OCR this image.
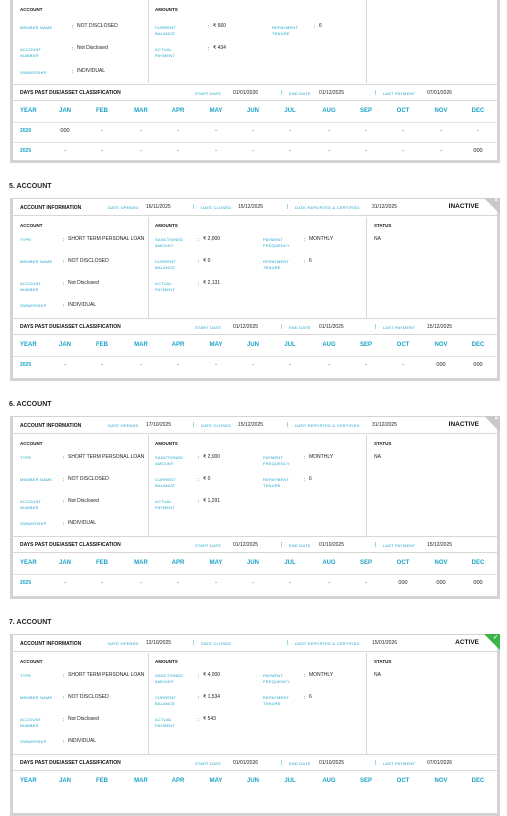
ACCOUNT	AMOUNTS
MEMBER NAME	: NOT DISCLOSED
ACCOUNT NUMBER
: Not Disclosed
OWNERSHIP	: INDIVIDUAL
CURRENT BALANCE
: ₹ 660	REPAYMENT TENURE
: 6
ACTUAL PAYMENT
: ₹ 434
DAYS PAST DUE/ASSET CLASSIFICATION	START DATE 01/01/2026	| END DATE 01/12/2025	| LAST PAYMENT 07/01/2026
YEAR	JAN	FEB	MAR	APR	MAY	JUN	JUL	AUG	SEP	OCT	NOV	DEC
2026	000	-	-	-	-	-	-	-	-	-	-	-
2025	-	-	-	-	-	-	-	-	-	-	-	000
5. ACCOUNT
ACCOUNT INFORMATION	DATE OPENED 16/11/2025	| DATE CLOSED 15/12/2025	| DATE REPORTED & CERTIFIED 31/12/2025	INACTIVE
×
ACCOUNT	AMOUNTS
TYPE	: SHORT TERM PERSONAL LOAN
MEMBER NAME	: NOT DISCLOSED
ACCOUNT NUMBER
: Not Disclosed
OWNERSHIP	: INDIVIDUAL
SANCTIONED AMOUNT
: ₹ 2,000	PAYMENT FREQUENCY
: MONTHLY
CURRENT BALANCE
: ₹ 0	REPAYMENT TENURE
: 6
ACTUAL PAYMENT
: ₹ 2,131
STATUS
NA
DAYS PAST DUE/ASSET CLASSIFICATION	START DATE 01/12/2025	| END DATE 01/11/2025	| LAST PAYMENT 15/12/2025
YEAR	JAN	FEB	MAR	APR	MAY	JUN	JUL	AUG	SEP	OCT	NOV	DEC
2025	-	-	-	-	-	-	-	-	-	-	000	000
6. ACCOUNT
ACCOUNT INFORMATION	DATE OPENED 17/10/2025	| DATE CLOSED 15/12/2025	| DATE REPORTED & CERTIFIED 31/12/2025	INACTIVE
×
ACCOUNT	AMOUNTS
TYPE	: SHORT TERM PERSONAL LOAN
MEMBER NAME	: NOT DISCLOSED
ACCOUNT NUMBER
: Not Disclosed
OWNERSHIP	: INDIVIDUAL
SANCTIONED AMOUNT
: ₹ 2,000	PAYMENT FREQUENCY
: MONTHLY
CURRENT BALANCE
: ₹ 0	REPAYMENT TENURE
: 6
ACTUAL PAYMENT
: ₹ 1,291
STATUS
NA
DAYS PAST DUE/ASSET CLASSIFICATION	START DATE 01/12/2025	| END DATE 01/10/2025	| LAST PAYMENT 15/12/2025
YEAR	JAN	FEB	MAR	APR	MAY	JUN	JUL	AUG	SEP	OCT	NOV	DEC
2025	-	-	-	-	-	-	-	-	-	000	000	000
7. ACCOUNT
ACCOUNT INFORMATION	DATE OPENED 12/10/2025	| DATE CLOSED	| DATE REPORTED & CERTIFIED 15/01/2026	ACTIVE
✓
ACCOUNT	AMOUNTS
TYPE	: SHORT TERM PERSONAL LOAN
MEMBER NAME	: NOT DISCLOSED
ACCOUNT NUMBER
: Not Disclosed
OWNERSHIP	: INDIVIDUAL
SANCTIONED AMOUNT
: ₹ 4,000	PAYMENT FREQUENCY
: MONTHLY
CURRENT BALANCE
: ₹ 1,534	REPAYMENT TENURE
: 6
ACTUAL PAYMENT
: ₹ 543
STATUS
NA
DAYS PAST DUE/ASSET CLASSIFICATION	START DATE 01/01/2026	| END DATE 01/10/2025	| LAST PAYMENT 07/01/2026
YEAR	JAN	FEB	MAR	APR	MAY	JUN	JUL	AUG	SEP	OCT	NOV	DEC
